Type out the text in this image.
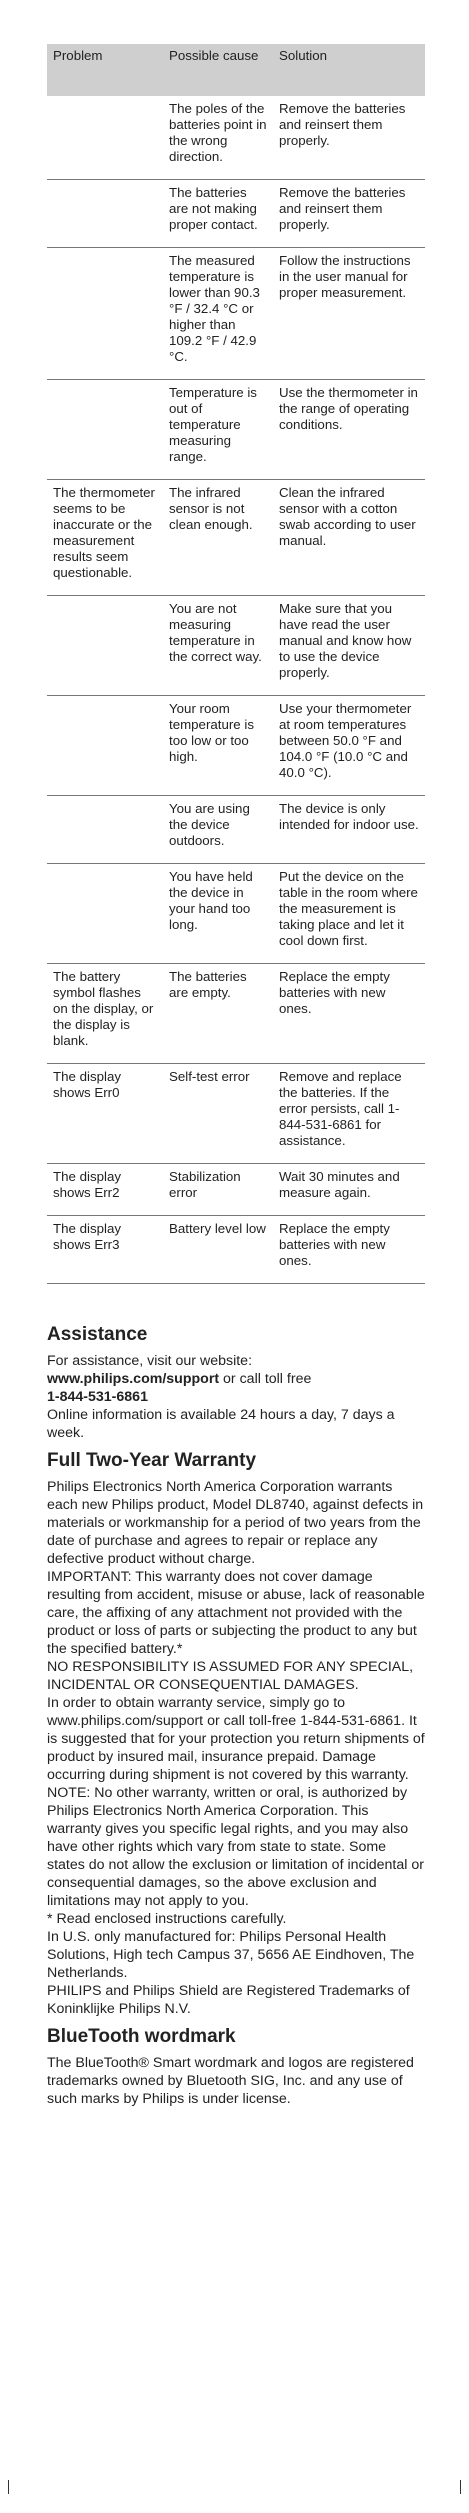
Problem	Possible cause	Solution
	The poles of the batteries point in the wrong direction.	Remove the batteries and reinsert them properly.
	The batteries are not making proper contact.	Remove the batteries and reinsert them properly.
	The measured temperature is lower than 90.3 °F / 32.4 °C or higher than 109.2 °F / 42.9 °C.	Follow the instructions in the user manual for proper measurement.
	Temperature is out of temperature measuring range.	Use the thermometer in the range of operating conditions.
The thermometer seems to be inaccurate or the measurement results seem questionable.	The infrared sensor is not clean enough.	Clean the infrared sensor with a cotton swab according to user manual.
	You are not measuring temperature in the correct way.	Make sure that you have read the user manual and know how to use the device properly.
	Your room temperature is too low or too high.	Use your thermometer at room temperatures between 50.0 °F and 104.0 °F (10.0 °C and 40.0 °C).
	You are using the device outdoors.	The device is only intended for indoor use.
	You have held the device in your hand too long.	Put the device on the table in the room where the measurement is taking place and let it cool down first.
The battery symbol flashes on the display, or the display is blank.	The batteries are empty.	Replace the empty batteries with new ones.
The display shows Err0	Self-test error	Remove and replace the batteries. If the error persists, call 1-844-531-6861 for assistance.
The display shows Err2	Stabilization error	Wait 30 minutes and measure again.
The display shows Err3	Battery level low	Replace the empty batteries with new ones.
Assistance

For assistance, visit our website:
www.philips.com/support or call toll free
1-844-531-6861
Online information is available 24 hours a day, 7 days a week.

Full Two-Year Warranty

Philips Electronics North America Corporation warrants each new Philips product, Model DL8740, against defects in materials or workmanship for a period of two years from the date of purchase and agrees to repair or replace any defective product without charge.
IMPORTANT: This warranty does not cover damage resulting from accident, misuse or abuse, lack of reasonable care, the affixing of any attachment not provided with the product or loss of parts or subjecting the product to any but the specified battery.*
NO RESPONSIBILITY IS ASSUMED FOR ANY SPECIAL, INCIDENTAL OR CONSEQUENTIAL DAMAGES.
In order to obtain warranty service, simply go to www.philips.com/support or call toll-free 1-844-531-6861. It is suggested that for your protection you return shipments of product by insured mail, insurance prepaid. Damage occurring during shipment is not covered by this warranty.
NOTE: No other warranty, written or oral, is authorized by Philips Electronics North America Corporation. This warranty gives you specific legal rights, and you may also have other rights which vary from state to state. Some states do not allow the exclusion or limitation of incidental or consequential damages, so the above exclusion and limitations may not apply to you.
* Read enclosed instructions carefully.
In U.S. only manufactured for: Philips Personal Health Solutions, High tech Campus 37, 5656 AE Eindhoven, The Netherlands.
PHILIPS and Philips Shield are Registered Trademarks of Koninklijke Philips N.V.

BlueTooth wordmark

The BlueTooth® Smart wordmark and logos are registered trademarks owned by Bluetooth SIG, Inc. and any use of such marks by Philips is under license.
